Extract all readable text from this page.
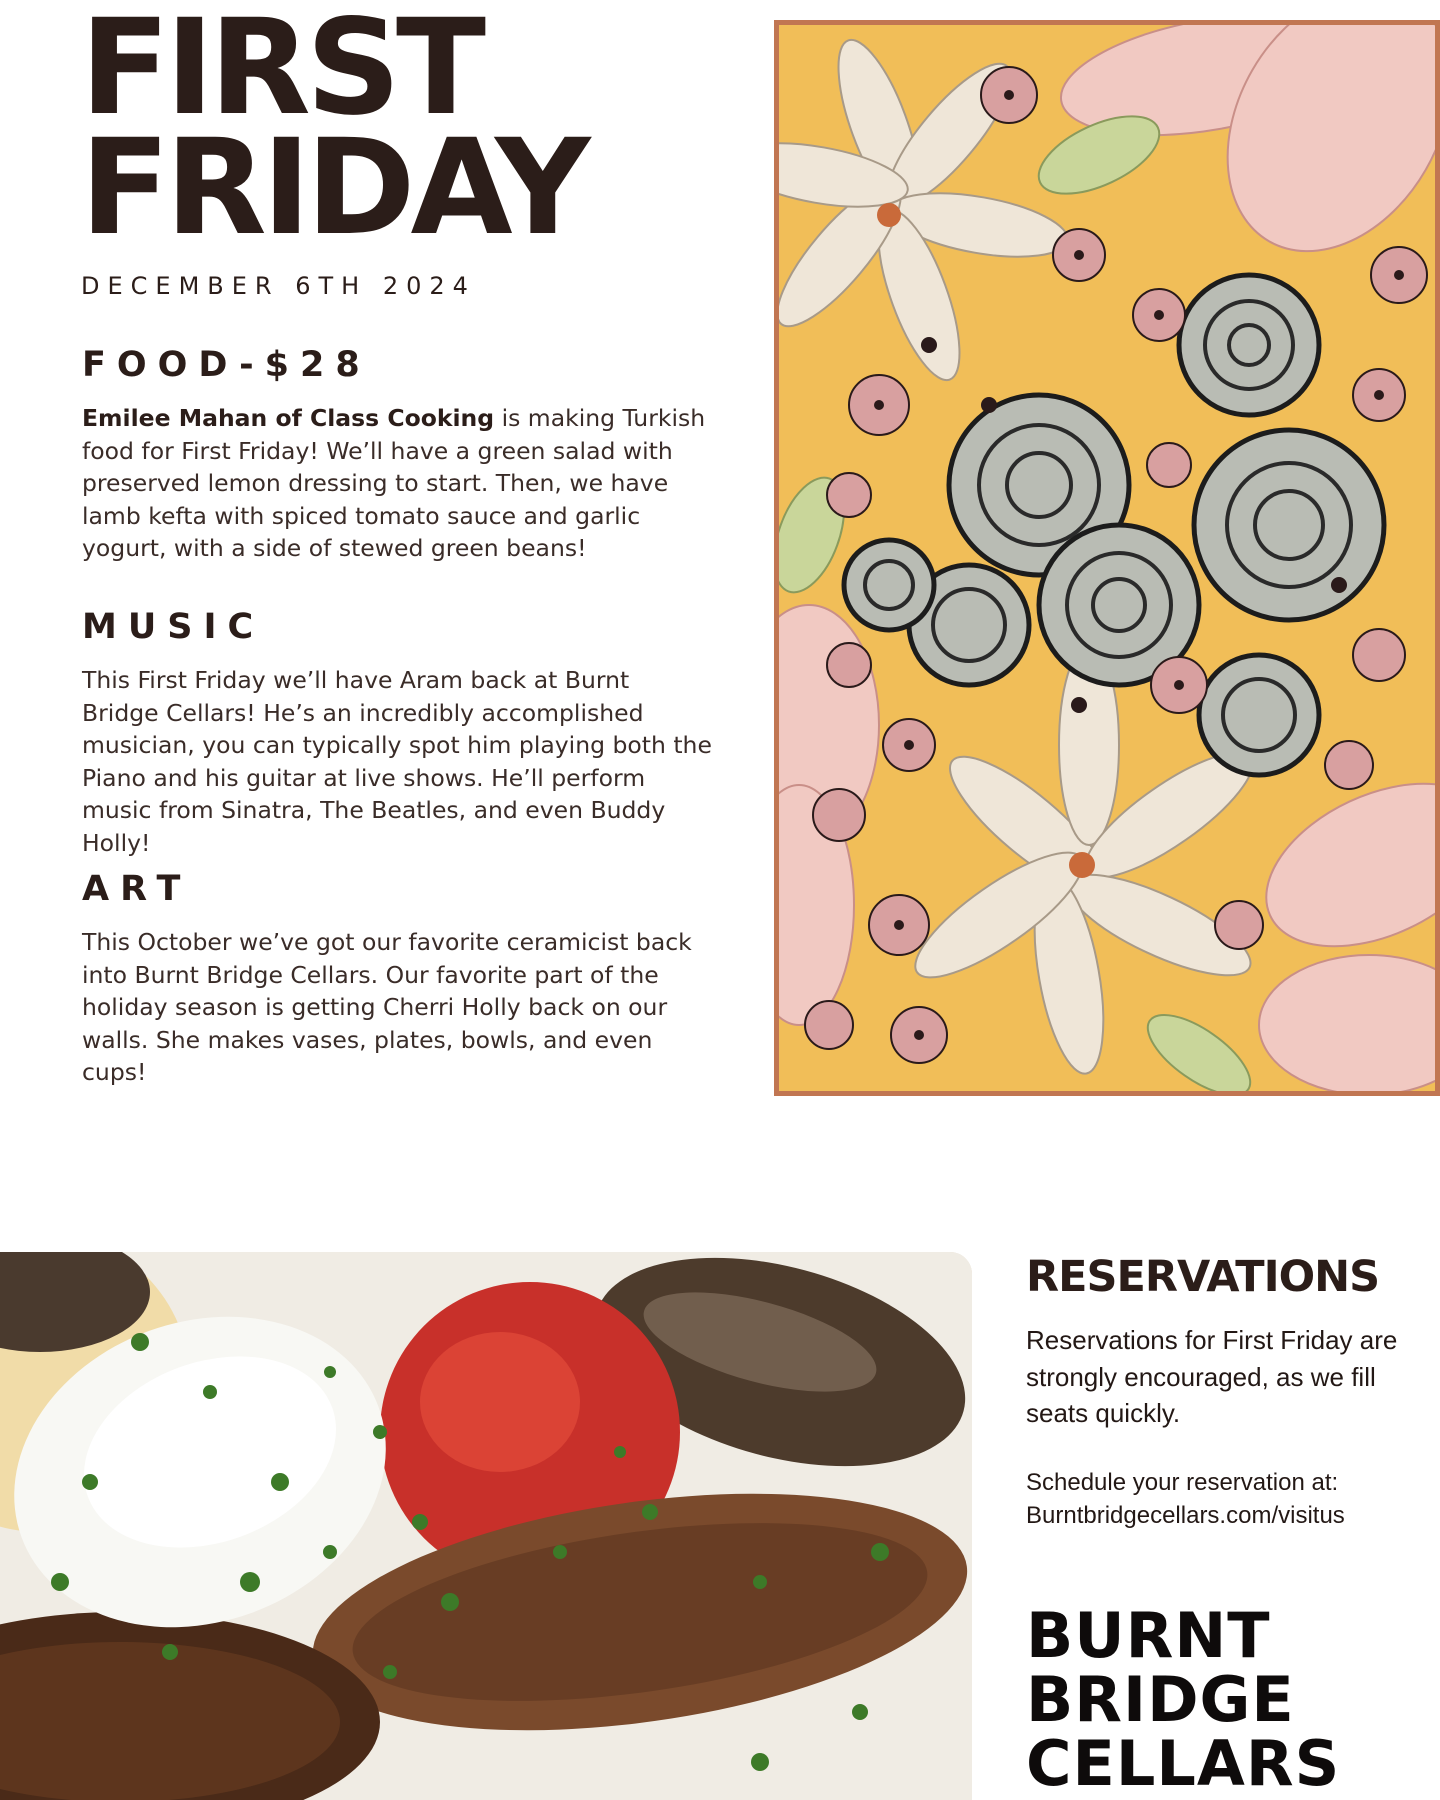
FIRST
FRIDAY
DECEMBER 6TH 2024
FOOD-$28

Emilee Mahan of Class Cooking is making Turkish food for First Friday! We’ll have a green salad with preserved lemon dressing to start. Then, we have lamb kefta with spiced tomato sauce and garlic yogurt, with a side of stewed green beans!

MUSIC

This First Friday we’ll have Aram back at Burnt Bridge Cellars! He’s an incredibly accomplished musician, you can typically spot him playing both the Piano and his guitar at live shows. He’ll perform music from Sinatra, The Beatles, and even Buddy Holly!

ART

This October we’ve got our favorite ceramicist back into Burnt Bridge Cellars. Our favorite part of the holiday season is getting Cherri Holly back on our walls. She makes vases, plates, bowls, and even cups!

RESERVATIONS

Reservations for First Friday are strongly encouraged, as we fill seats quickly.

Schedule your reservation at:

Burntbridgecellars.com/visitus

BURNT
BRIDGE
CELLARS
